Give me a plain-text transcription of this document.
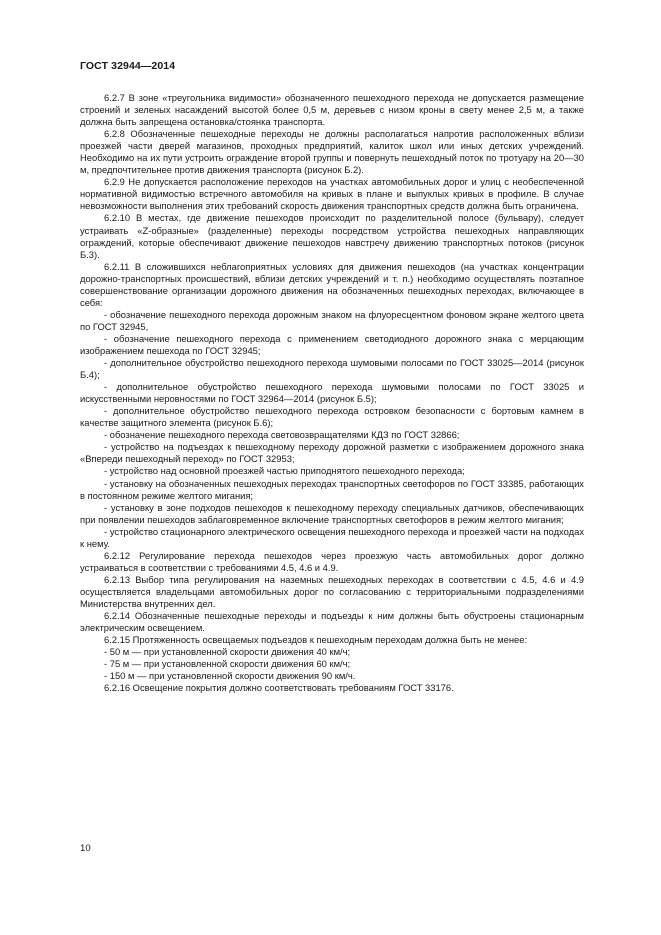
ГОСТ 32944—2014

6.2.7 В зоне «треугольника видимости» обозначенного пешеходного перехода не допускается размещение строений и зеленых насаждений высотой более 0,5 м, деревьев с низом кроны в свету менее 2,5 м, а также должна быть запрещена остановка/стоянка транспорта.

6.2.8 Обозначенные пешеходные переходы не должны располагаться напротив расположенных вблизи проезжей части дверей магазинов, проходных предприятий, калиток школ или иных детских учреждений. Необходимо на их пути устроить ограждение второй группы и повернуть пешеходный поток по тротуару на 20—30 м, предпочтительнее против движения транспорта (рисунок Б.2).

6.2.9 Не допускается расположение переходов на участках автомобильных дорог и улиц с необеспеченной нормативной видимостью встречного автомобиля на кривых в плане и выпуклых кривых в профиле. В случае невозможности выполнения этих требований скорость движения транспортных средств должна быть ограничена.

6.2.10 В местах, где движение пешеходов происходит по разделительной полосе (бульвару), следует устраивать «Z-образные» (разделенные) переходы посредством устройства пешеходных направляющих ограждений, которые обеспечивают движение пешеходов навстречу движению транспортных потоков (рисунок Б.3).

6.2.11 В сложившихся неблагоприятных условиях для движения пешеходов (на участках концентрации дорожно-транспортных происшествий, вблизи детских учреждений и т. п.) необходимо осуществлять поэтапное совершенствование организации дорожного движения на обозначенных пешеходных переходах, включающее в себя:

- обозначение пешеходного перехода дорожным знаком на флуоресцентном фоновом экране желтого цвета по ГОСТ 32945,

- обозначение пешеходного перехода с применением светодиодного дорожного знака с мерцающим изображением пешехода по ГОСТ 32945;

- дополнительное обустройство пешеходного перехода шумовыми полосами по ГОСТ 33025—2014 (рисунок Б.4);

- дополнительное обустройство пешеходного перехода шумовыми полосами по ГОСТ 33025 и искусственными неровностями по ГОСТ 32964—2014 (рисунок Б.5);

- дополнительное обустройство пешеходного перехода островком безопасности с бортовым камнем в качестве защитного элемента (рисунок Б.6);

- обозначение пешеходного перехода световозвращателями КДЗ по ГОСТ 32866;

- устройство на подъездах к пешеходному переходу дорожной разметки с изображением дорожного знака «Впереди пешеходный переход» по ГОСТ 32953;

- устройство над основной проезжей частью приподнятого пешеходного перехода;

- установку на обозначенных пешеходных переходах транспортных светофоров по ГОСТ 33385, работающих в постоянном режиме желтого мигания;

- установку в зоне подходов пешеходов к пешеходному переходу специальных датчиков, обеспечивающих при появлении пешеходов заблаговременное включение транспортных светофоров в режим желтого мигания;

- устройство стационарного электрического освещения пешеходного перехода и проезжей части на подходах к нему.

6.2.12 Регулирование перехода пешеходов через проезжую часть автомобильных дорог должно устраиваться в соответствии с требованиями 4.5, 4.6 и 4.9.

6.2.13 Выбор типа регулирования на наземных пешеходных переходах в соответствии с 4.5, 4.6 и 4.9 осуществляется владельцами автомобильных дорог по согласованию с территориальными подразделениями Министерства внутренних дел.

6.2.14 Обозначенные пешеходные переходы и подъезды к ним должны быть обустроены стационарным электрическим освещением.

6.2.15 Протяженность освещаемых подъездов к пешеходным переходам должна быть не менее:

- 50 м — при установленной скорости движения 40 км/ч;

- 75 м — при установленной скорости движения 60 км/ч;

- 150 м — при установленной скорости движения 90 км/ч.

6.2.16 Освещение покрытия должно соответствовать требованиям ГОСТ 33176.

10
